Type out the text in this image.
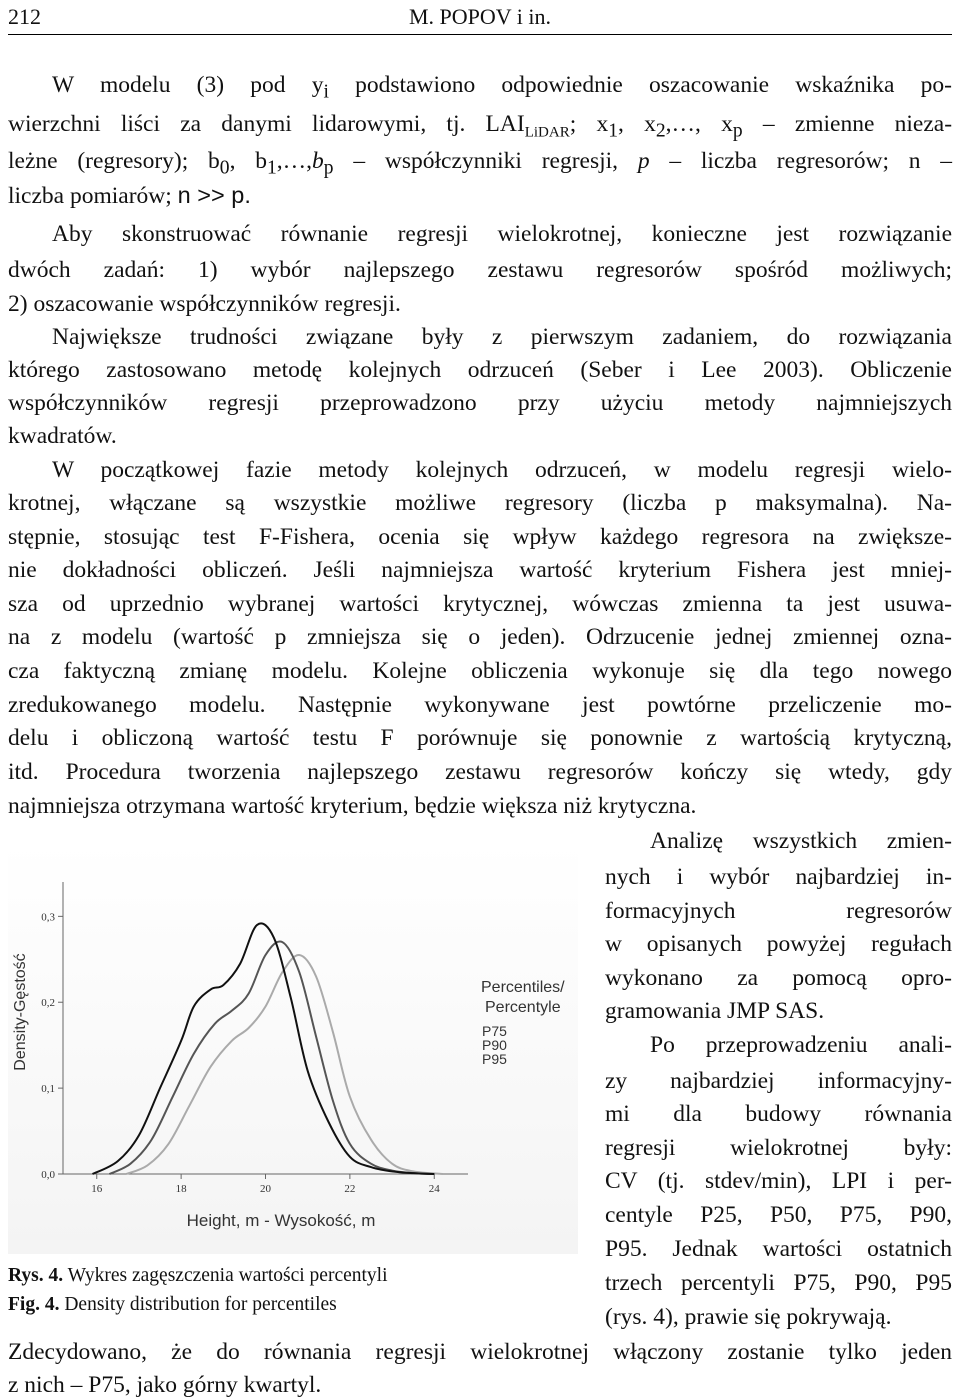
212	M. POPOV i in.
W modelu (3) pod $y_i$ podstawiono odpowiednie oszacowanie wskaźnika po-
wierzchni liści za danymi lidarowymi, tj. $LAI_{LiDAR}$; $x_1$, $x_2,\dots$, $x_p$ – zmienne nieza-
leżne (regresory); $b_0$, $b_1,\dots,b_p$ – współczynniki regresji, p – liczba regresorów; n –
liczba pomiarów; n >> p.
Aby skonstruować równanie regresji wielokrotnej, konieczne jest rozwiązanie
dwóch zadań: 1) wybór najlepszego zestawu regresorów spośród możliwych;
2) oszacowanie współczynników regresji.
Największe trudności związane były z pierwszym zadaniem, do rozwiązania
którego zastosowano metodę kolejnych odrzuceń (Seber i Lee 2003). Obliczenie
współczynników regresji przeprowadzono przy użyciu metody najmniejszych
kwadratów.
W początkowej fazie metody kolejnych odrzuceń, w modelu regresji wielo-
krotnej, włączane są wszystkie możliwe regresory (liczba p maksymalna). Na-
stępnie, stosując test F-Fishera, ocenia się wpływ każdego regresora na zwiększe-
nie dokładności obliczeń. Jeśli najmniejsza wartość kryterium Fishera jest mniej-
sza od uprzednio wybranej wartości krytycznej, wówczas zmienna ta jest usuwa-
na z modelu (wartość p zmniejsza się o jeden). Odrzucenie jednej zmiennej ozna-
cza faktyczną zmianę modelu. Kolejne obliczenia wykonuje się dla tego nowego
zredukowanego modelu. Następnie wykonywane jest powtórne przeliczenie mo-
delu i obliczoną wartość testu F porównuje się ponownie z wartością krytyczną,
itd. Procedura tworzenia najlepszego zestawu regresorów kończy się wtedy, gdy
najmniejsza otrzymana wartość kryterium, będzie większa niż krytyczna.
Analizę wszystkich zmien-
nych i wybór najbardziej in-
formacyjnych regresorów
w opisanych powyżej regułach
wykonano za pomocą opro-
gramowania JMP SAS.
Po przeprowadzeniu anali-
zy najbardziej informacyjny-
mi dla budowy równania
regresji wielokrotnej były:
CV (tj. stdev/min), LPI i per-
centyle P25, P50, P75, P90,
P95. Jednak wartości ostatnich
trzech percentyli P75, P90, P95
(rys. 4), prawie się pokrywają.
Zdecydowano, że do równania regresji wielokrotnej włączony zostanie tylko jeden
z nich – P75, jako górny kwartyl.
16	18	20	22	24
0,0
0,1
0,2
0,3
Height, m - Wysokość, m
Density-Gęstość	Percentiles/
Percentyle
P75
P90
P95
Rys. 4. Wykres zagęszczenia wartości percentyli
Fig. 4. Density distribution for percentiles
